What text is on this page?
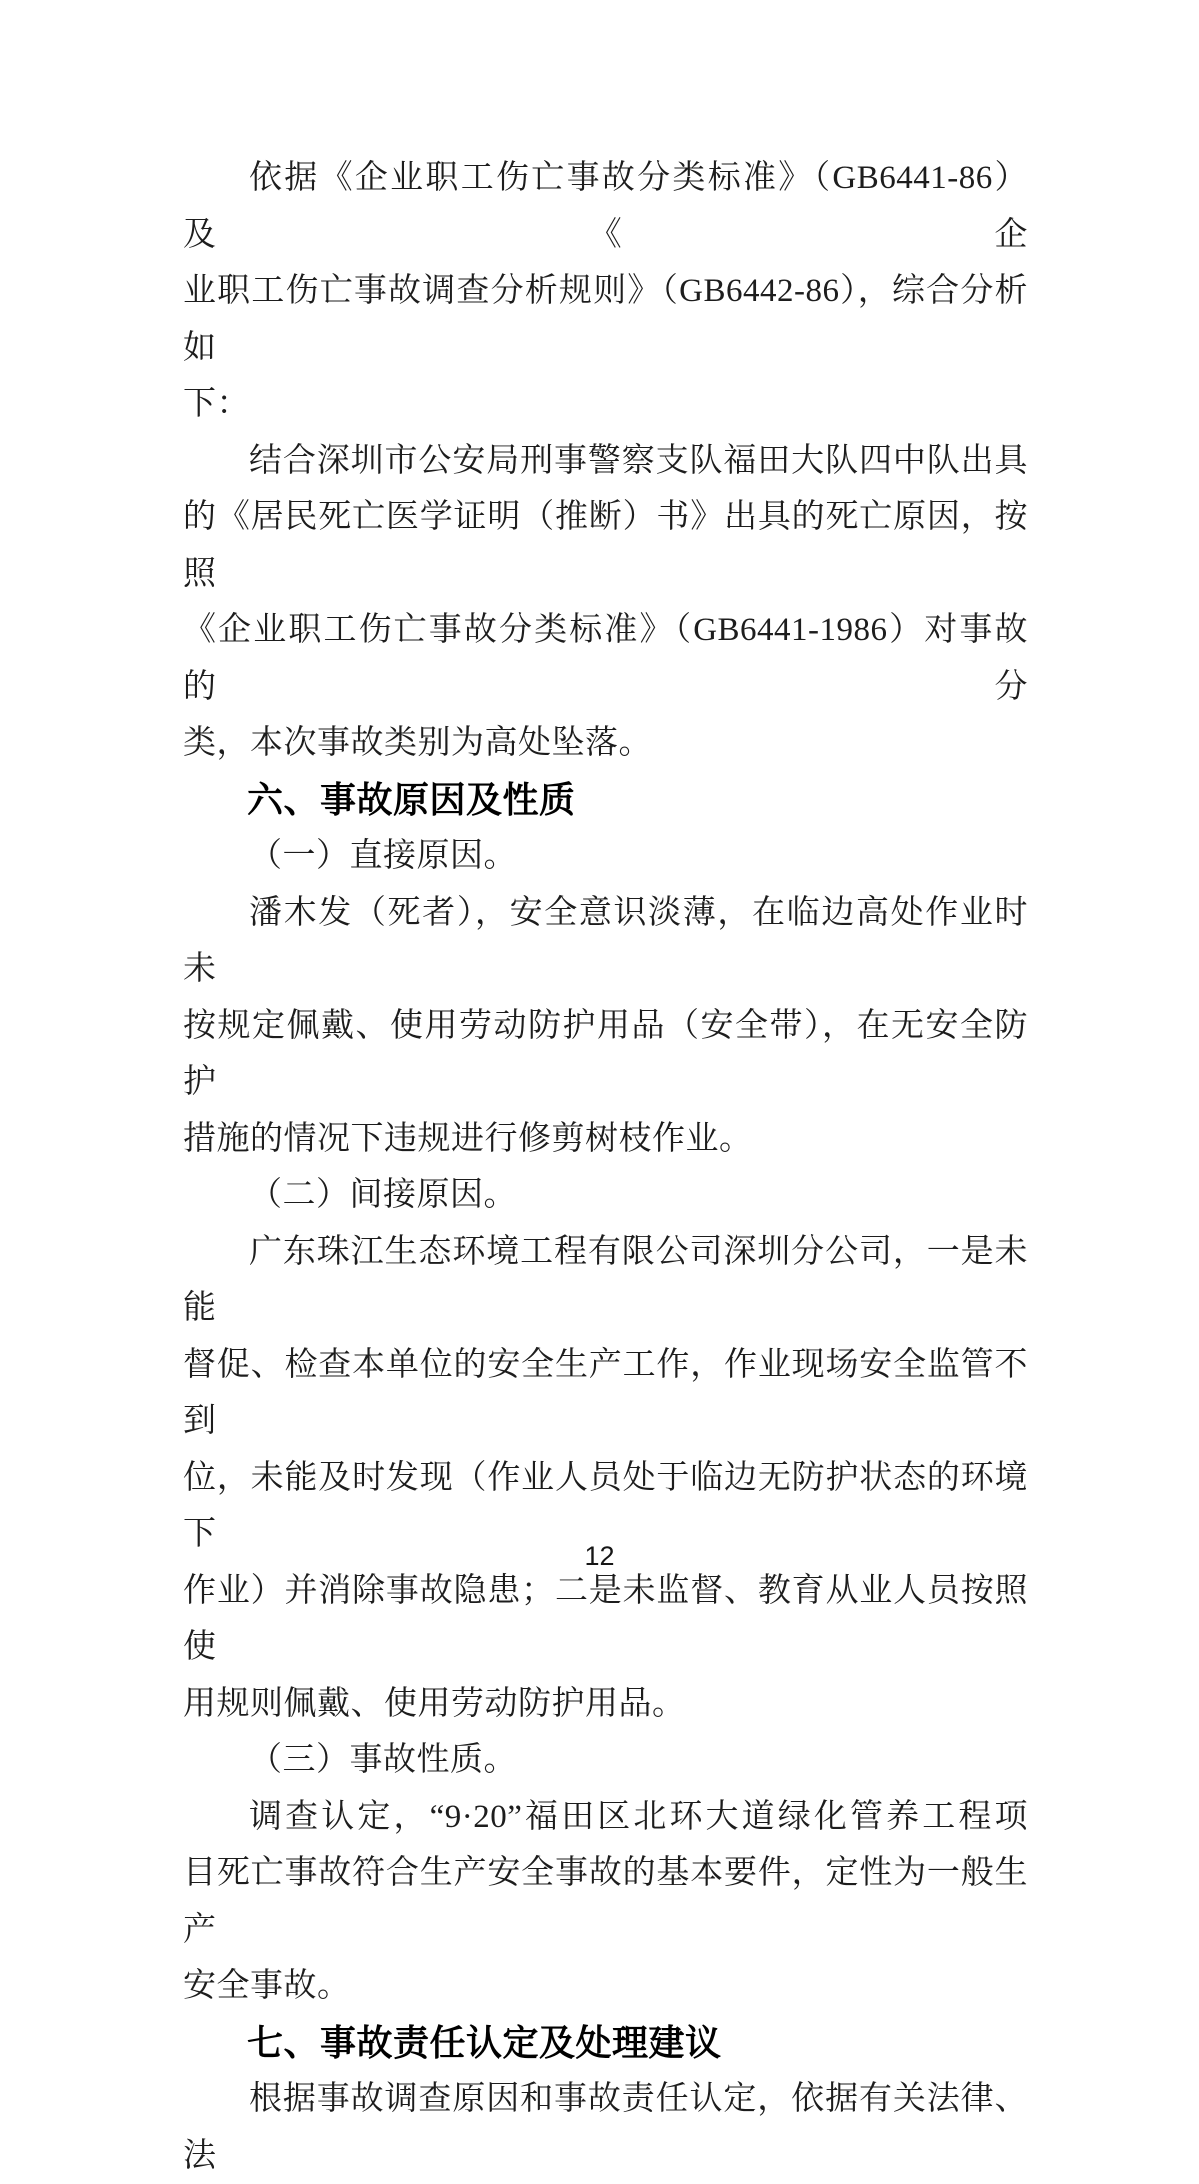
依据《企业职工伤亡事故分类标准》（GB6441-86）及《企
业职工伤亡事故调查分析规则》（GB6442-86），综合分析如
下：
结合深圳市公安局刑事警察支队福田大队四中队出具
的《居民死亡医学证明（推断）书》出具的死亡原因，按照
《企业职工伤亡事故分类标准》（GB6441-1986）对事故的分
类，本次事故类别为高处坠落。
六、事故原因及性质
（一）直接原因。
潘木发（死者），安全意识淡薄，在临边高处作业时未
按规定佩戴、使用劳动防护用品（安全带），在无安全防护
措施的情况下违规进行修剪树枝作业。
（二）间接原因。
广东珠江生态环境工程有限公司深圳分公司，一是未能
督促、检查本单位的安全生产工作，作业现场安全监管不到
位，未能及时发现（作业人员处于临边无防护状态的环境下
作业）并消除事故隐患；二是未监督、教育从业人员按照使
用规则佩戴、使用劳动防护用品。
（三）事故性质。
调查认定，“9·20”福田区北环大道绿化管养工程项
目死亡事故符合生产安全事故的基本要件，定性为一般生产
安全事故。
七、事故责任认定及处理建议
根据事故调查原因和事故责任认定，依据有关法律、法
12
